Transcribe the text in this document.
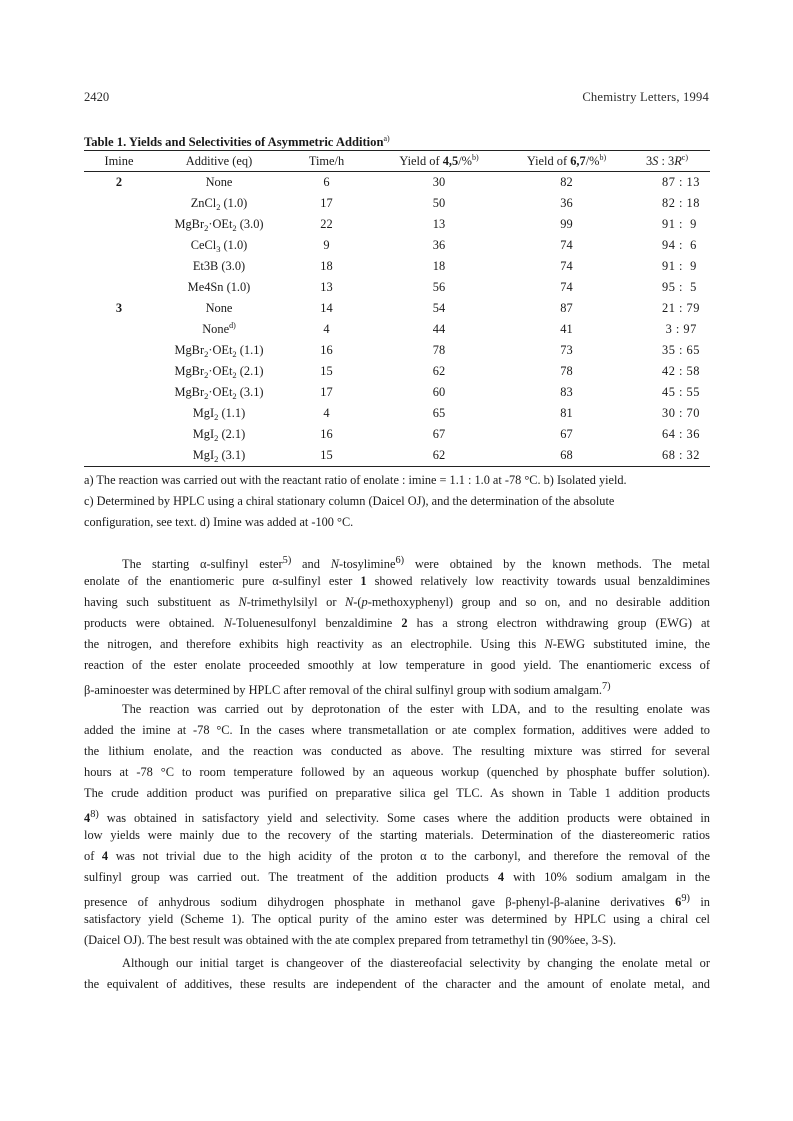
2420	Chemistry Letters, 1994
Table 1. Yields and Selectivities of Asymmetric Addition$^{a)}$
Imine	Additive (eq)	Time/h	Yield of 4,5/%$^{b)}$	Yield of 6,7/%$^{b)}$	3S : $3R^{c)}$
2	None	6	30	82	87 : 13
	ZnCl$_2$ (1.0)	17	50	36	82 : 18
	MgBr$_2$·OEt$_2$ (3.0)	22	13	99	91 :  9
	CeCl$_3$ (1.0)	9	36	74	94 :  6
	Et3B (3.0)	18	18	74	91 :  9
	Me4Sn (1.0)	13	56	74	95 :  5
3	None	14	54	87	21 : 79
	None$^{d)}$	4	44	41	3 : 97
	MgBr$_2$·OEt$_2$ (1.1)	16	78	73	35 : 65
	MgBr$_2$·OEt$_2$ (2.1)	15	62	78	42 : 58
	MgBr$_2$·OEt$_2$ (3.1)	17	60	83	45 : 55
	MgI$_2$ (1.1)	4	65	81	30 : 70
	MgI$_2$ (2.1)	16	67	67	64 : 36
	MgI$_2$ (3.1)	15	62	68	68 : 32
a) The reaction was carried out with the reactant ratio of enolate : imine = 1.1 : 1.0 at -78 °C. b) Isolated yield.
c) Determined by HPLC using a chiral stationary column (Daicel OJ), and the determination of the absolute
configuration, see text. d) Imine was added at -100 °C.
The starting α-sulfinyl ester$^{5)}$ and N-tosylimine$^{6)}$ were obtained by the known methods. The metal
enolate of the enantiomeric pure α-sulfinyl ester 1 showed relatively low reactivity towards usual benzaldimines
having such substituent as N-trimethylsilyl or N-(p-methoxyphenyl) group and so on, and no desirable addition
products were obtained. N-Toluenesulfonyl benzaldimine 2 has a strong electron withdrawing group (EWG) at
the nitrogen, and therefore exhibits high reactivity as an electrophile. Using this N-EWG substituted imine, the
reaction of the ester enolate proceeded smoothly at low temperature in good yield. The enantiomeric excess of
β-aminoester was determined by HPLC after removal of the chiral sulfinyl group with sodium amalgam.$^{7)}$
The reaction was carried out by deprotonation of the ester with LDA, and to the resulting enolate was
added the imine at -78 °C. In the cases where transmetallation or ate complex formation, additives were added to
the lithium enolate, and the reaction was conducted as above. The resulting mixture was stirred for several
hours at -78 °C to room temperature followed by an aqueous workup (quenched by phosphate buffer solution).
The crude addition product was purified on preparative silica gel TLC. As shown in Table 1 addition products
4$^{8)}$ was obtained in satisfactory yield and selectivity. Some cases where the addition products were obtained in
low yields were mainly due to the recovery of the starting materials. Determination of the diastereomeric ratios
of 4 was not trivial due to the high acidity of the proton α to the carbonyl, and therefore the removal of the
sulfinyl group was carried out. The treatment of the addition products 4 with 10% sodium amalgam in the
presence of anhydrous sodium dihydrogen phosphate in methanol gave β-phenyl-β-alanine derivatives 6$^{9)}$ in
satisfactory yield (Scheme 1). The optical purity of the amino ester was determined by HPLC using a chiral cel
(Daicel OJ). The best result was obtained with the ate complex prepared from tetramethyl tin (90%ee, 3-S).
Although our initial target is changeover of the diastereofacial selectivity by changing the enolate metal or
the equivalent of additives, these results are independent of the character and the amount of enolate metal, and
